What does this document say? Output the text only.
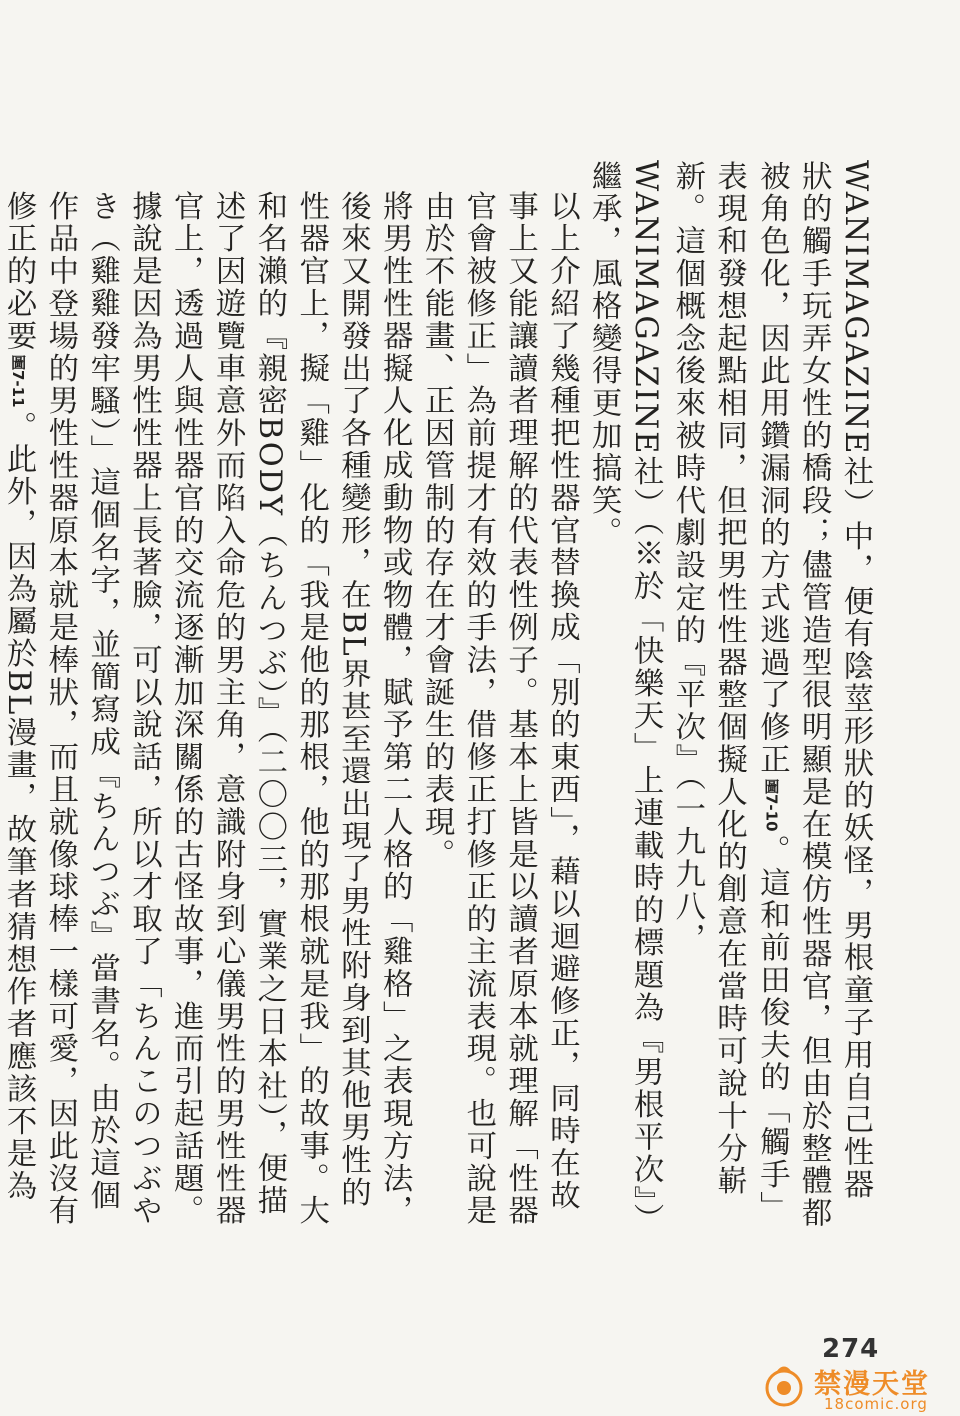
WANIMAGAZINE社）中，便有陰莖形狀的妖怪，男根童子用自己性器狀的觸手玩弄女性的橋段；儘管造型很明顯是在模仿性器官，但由於整體都被角色化，因此用鑽漏洞的方式逃過了修正圖7-10。這和前田俊夫的「觸手」表現和發想起點相同，但把男性性器整個擬人化的創意在當時可說十分嶄新。這個概念後來被時代劇設定的『平次』（一九九八，WANIMAGAZINE社）（※於「快樂天」上連載時的標題為『男根平次』）繼承，風格變得更加搞笑。

以上介紹了幾種把性器官替換成「別的東西」，藉以迴避修正，同時在故事上又能讓讀者理解的代表性例子。基本上皆是以讀者原本就理解「性器官會被修正」為前提才有效的手法，借修正打修正的主流表現。也可說是由於不能畫、正因管制的存在才會誕生的表現。

將男性性器擬人化成動物或物體，賦予第二人格的「雞格」之表現方法，後來又開發出了各種變形，在BL界甚至還出現了男性附身到其他男性的性器官上，擬「雞」化的「我是他的那根，他的那根就是我」的故事。大和名瀨的『親密BODY（ちんつぶ）』（二〇〇三，實業之日本社），便描述了因遊覽車意外而陷入命危的男主角，意識附身到心儀男性的男性性器官上，透過人與性器官的交流逐漸加深關係的古怪故事，進而引起話題。據說是因為男性性器上長著臉，可以說話，所以才取了「ちんこのつぶやき（雞雞發牢騷）」這個名字，並簡寫成『ちんつぶ』當書名。由於這個作品中登場的男性性器原本就是棒狀，而且就像球棒一樣可愛，因此沒有修正的必要圖7-11。此外，因為屬於BL漫畫，故筆者猜想作者應該不是為

274
禁漫天堂
18comic.org
